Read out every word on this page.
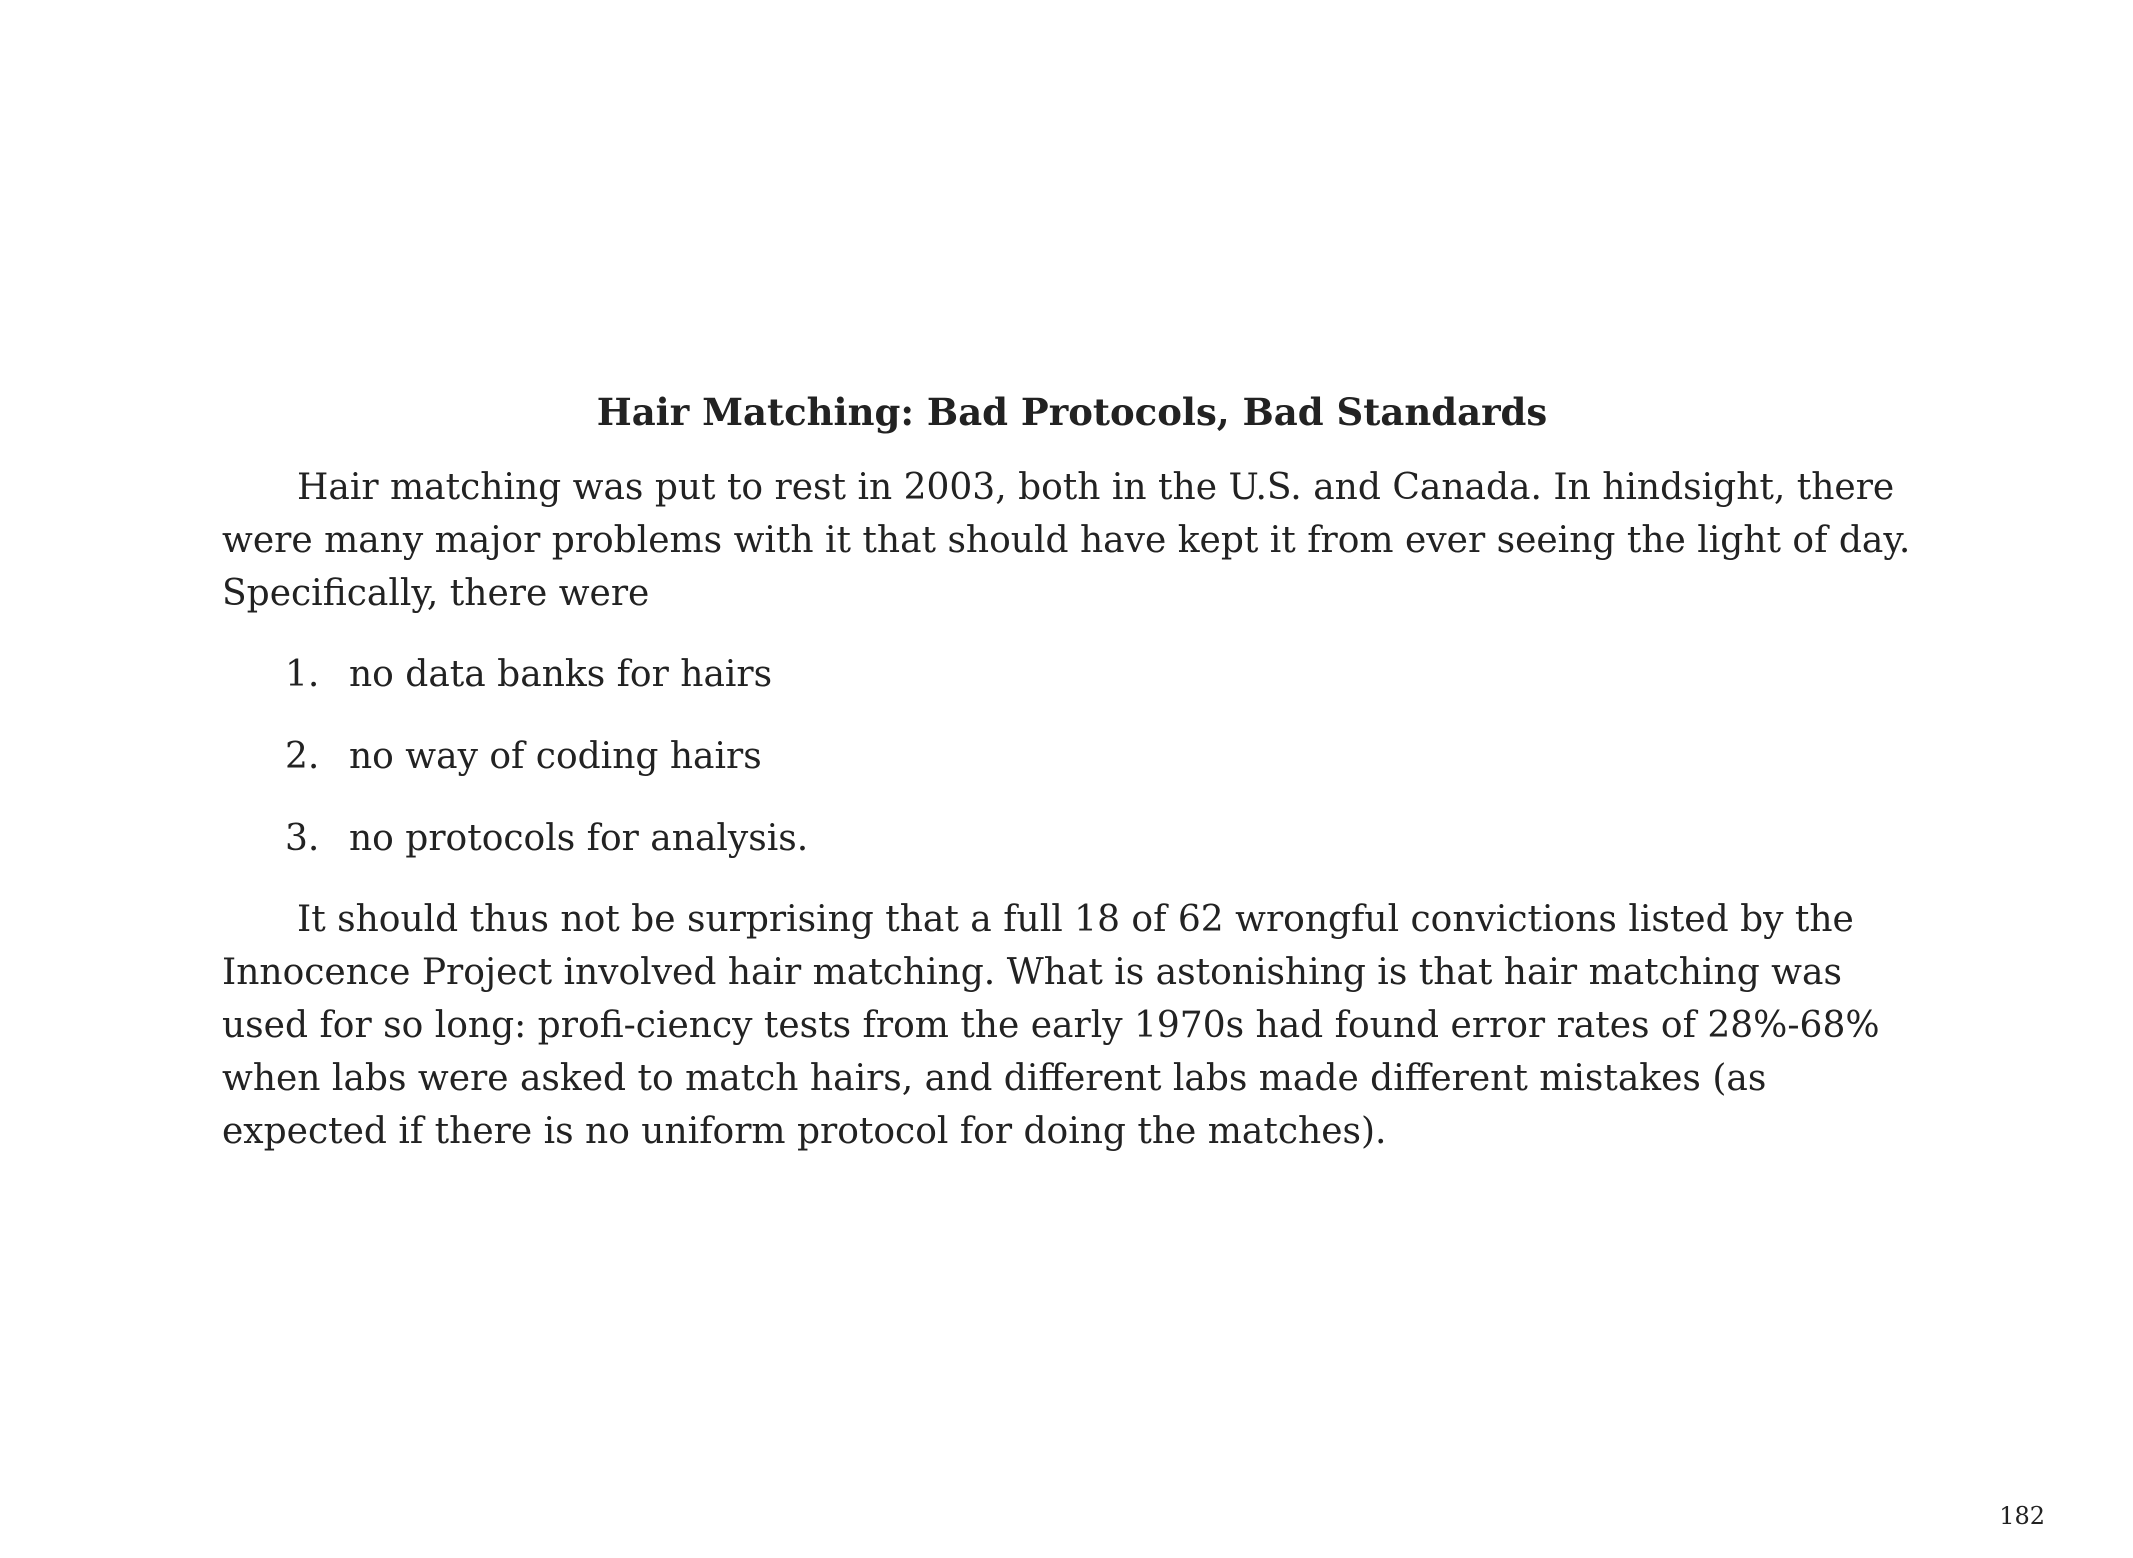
Hair Matching: Bad Protocols, Bad Standards

Hair matching was put to rest in 2003, both in the U.S. and Canada. In hindsight, there were many major problems with it that should have kept it from ever seeing the light of day. Specifically, there were

1. no data banks for hairs
2. no way of coding hairs
3. no protocols for analysis.

It should thus not be surprising that a full 18 of 62 wrongful convictions listed by the Innocence Project involved hair matching. What is astonishing is that hair matching was used for so long: profi-ciency tests from the early 1970s had found error rates of 28%-68% when labs were asked to match hairs, and different labs made different mistakes (as expected if there is no uniform protocol for doing the matches).

182
